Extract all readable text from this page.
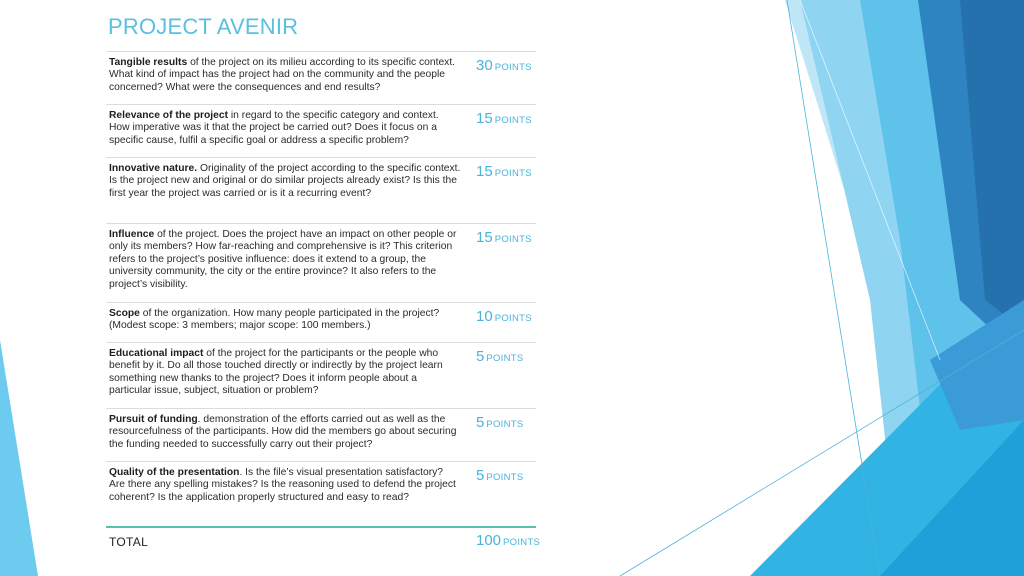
PROJECT AVENIR
Tangible results of the project on its milieu according to its specific context. What kind of impact has the project had on the community and the people concerned? What were the consequences and end results?
30 POINTS
Relevance of the project in regard to the specific category and context. How imperative was it that the project be carried out? Does it focus on a specific cause, fulfil a specific goal or address a specific problem?
15 POINTS
Innovative nature. Originality of the project according to the specific context. Is the project new and original or do similar projects already exist? Is this the first year the project was carried or is it a recurring event?
15 POINTS
Influence of the project. Does the project have an impact on other people or only its members? How far-reaching and comprehensive is it? This criterion refers to the project’s positive influence: does it extend to a group, the university community, the city or the entire province? It also refers to the project’s visibility.
15 POINTS
Scope of the organization. How many people participated in the project? (Modest scope: 3 members; major scope: 100 members.)
10 POINTS
Educational impact of the project for the participants or the people who benefit by it. Do all those touched directly or indirectly by the project learn something new thanks to the project? Does it inform people about a particular issue, subject, situation or problem?
5 POINTS
Pursuit of funding. demonstration of the efforts carried out as well as the resourcefulness of the participants. How did the members go about securing the funding needed to successfully carry out their project?
5 POINTS
Quality of the presentation. Is the file’s visual presentation satisfactory? Are there any spelling mistakes? Is the reasoning used to defend the project coherent? Is the application properly structured and easy to read?
5 POINTS
TOTAL	100 POINTS
